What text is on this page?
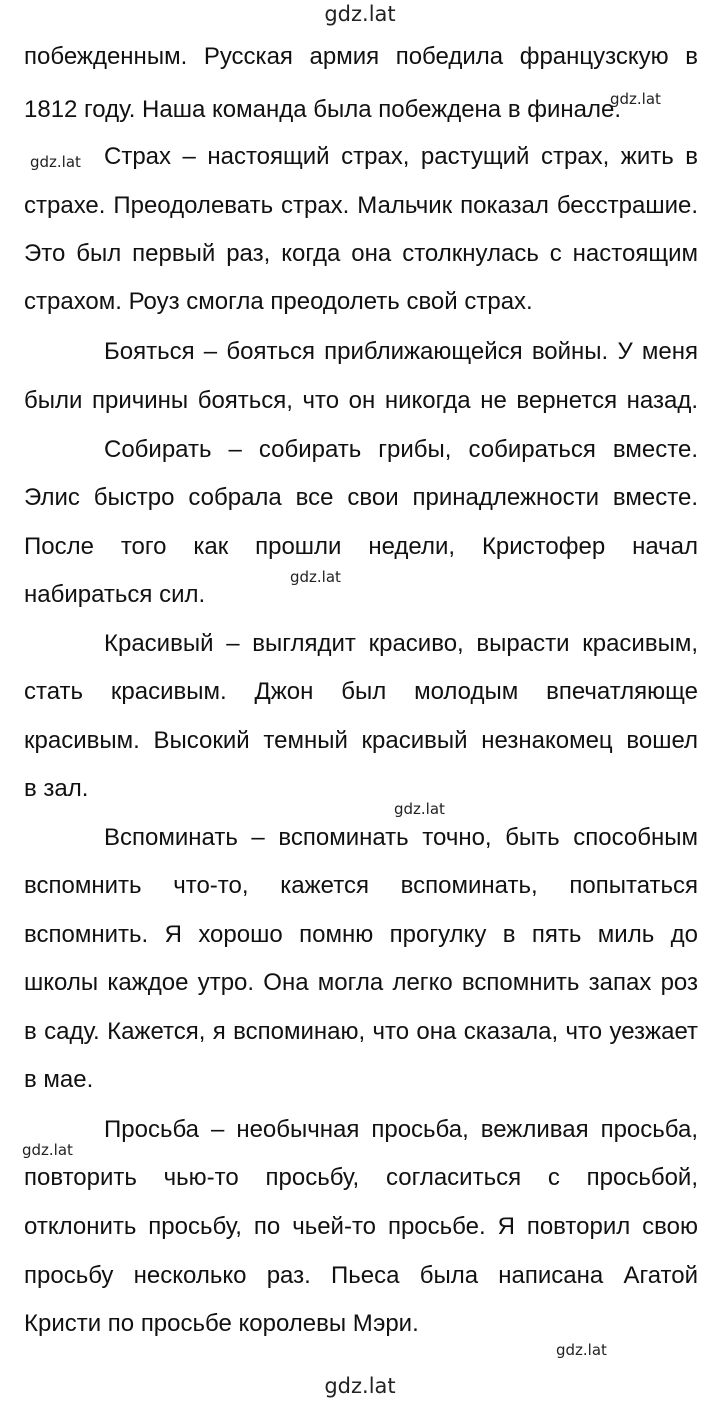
gdz.lat
gdz.lat
gdz.lat
gdz.lat
gdz.lat
gdz.lat
gdz.lat
gdz.lat
побежденным. Русская армия победила французскую в
1812 году. Наша команда была побеждена в финале.
Страх – настоящий страх, растущий страх, жить в
страхе. Преодолевать страх. Мальчик показал бесстрашие.
Это был первый раз, когда она столкнулась с настоящим
страхом. Роуз смогла преодолеть свой страх.
Бояться – бояться приближающейся войны. У меня
были причины бояться, что он никогда не вернется назад.
Собирать – собирать грибы, собираться вместе.
Элис быстро собрала все свои принадлежности вместе.
После того как прошли недели, Кристофер начал
набираться сил.
Красивый – выглядит красиво, вырасти красивым,
стать красивым. Джон был молодым впечатляюще
красивым. Высокий темный красивый незнакомец вошел
в зал.
Вспоминать – вспоминать точно, быть способным
вспомнить что-то, кажется вспоминать, попытаться
вспомнить. Я хорошо помню прогулку в пять миль до
школы каждое утро. Она могла легко вспомнить запах роз
в саду. Кажется, я вспоминаю, что она сказала, что уезжает
в мае.
Просьба – необычная просьба, вежливая просьба,
повторить чью-то просьбу, согласиться с просьбой,
отклонить просьбу, по чьей-то просьбе. Я повторил свою
просьбу несколько раз. Пьеса была написана Агатой
Кристи по просьбе королевы Мэри.
